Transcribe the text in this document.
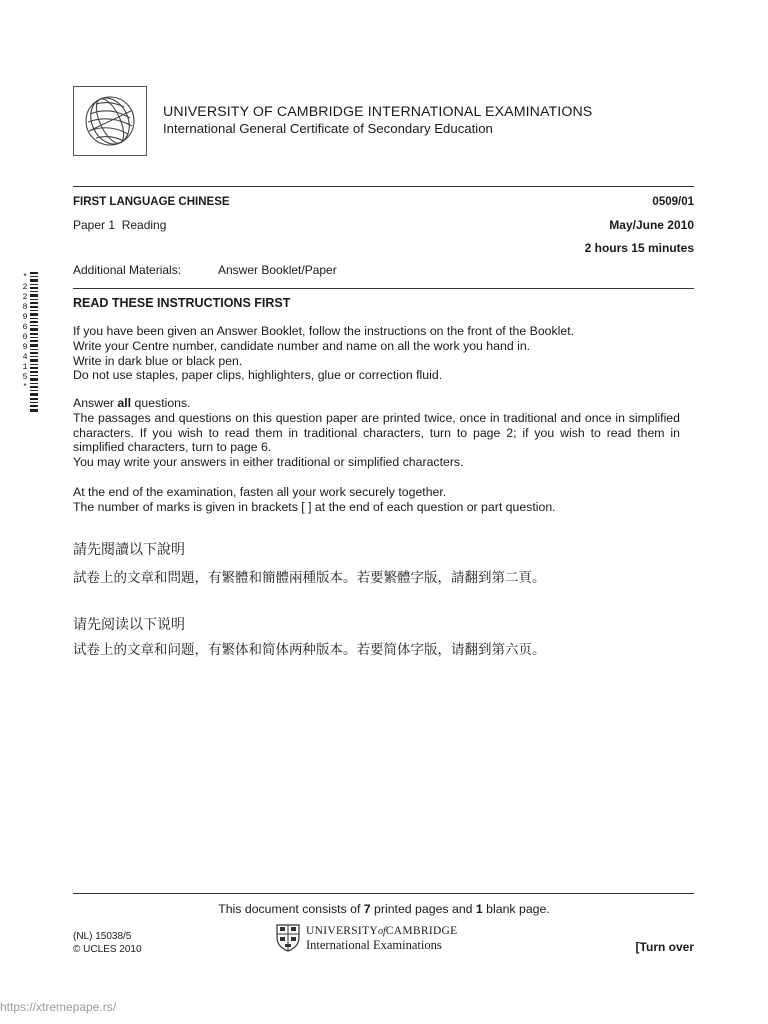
UNIVERSITY OF CAMBRIDGE INTERNATIONAL EXAMINATIONS
International General Certificate of Secondary Education
FIRST LANGUAGE CHINESE	0509/01
Paper 1  Reading	May/June 2010
2 hours 15 minutes
Additional Materials:	Answer Booklet/Paper
*
2
2
8
9
6
0
9
4
1
5
*
READ THESE INSTRUCTIONS FIRST

If you have been given an Answer Booklet, follow the instructions on the front of the Booklet.

Write your Centre number, candidate number and name on all the work you hand in.

Write in dark blue or black pen.

Do not use staples, paper clips, highlighters, glue or correction fluid.

Answer all questions.

The passages and questions on this question paper are printed twice, once in traditional and once in simplified characters. If you wish to read them in traditional characters, turn to page 2; if you wish to read them in simplified characters, turn to page 6.

You may write your answers in either traditional or simplified characters.

At the end of the examination, fasten all your work securely together.

The number of marks is given in brackets [ ] at the end of each question or part question.

請先閱讀以下說明
試卷上的文章和問題，有繁體和簡體兩種版本。若要繁體字版，請翻到第二頁。
请先阅读以下说明
试卷上的文章和问题，有繁体和简体两种版本。若要简体字版，请翻到第六页。
This document consists of 7 printed pages and 1 blank page.
(NL) 15038/5
© UCLES 2010
UNIVERSITYofCAMBRIDGE
International Examinations	[Turn over
https://xtremepape.rs/
